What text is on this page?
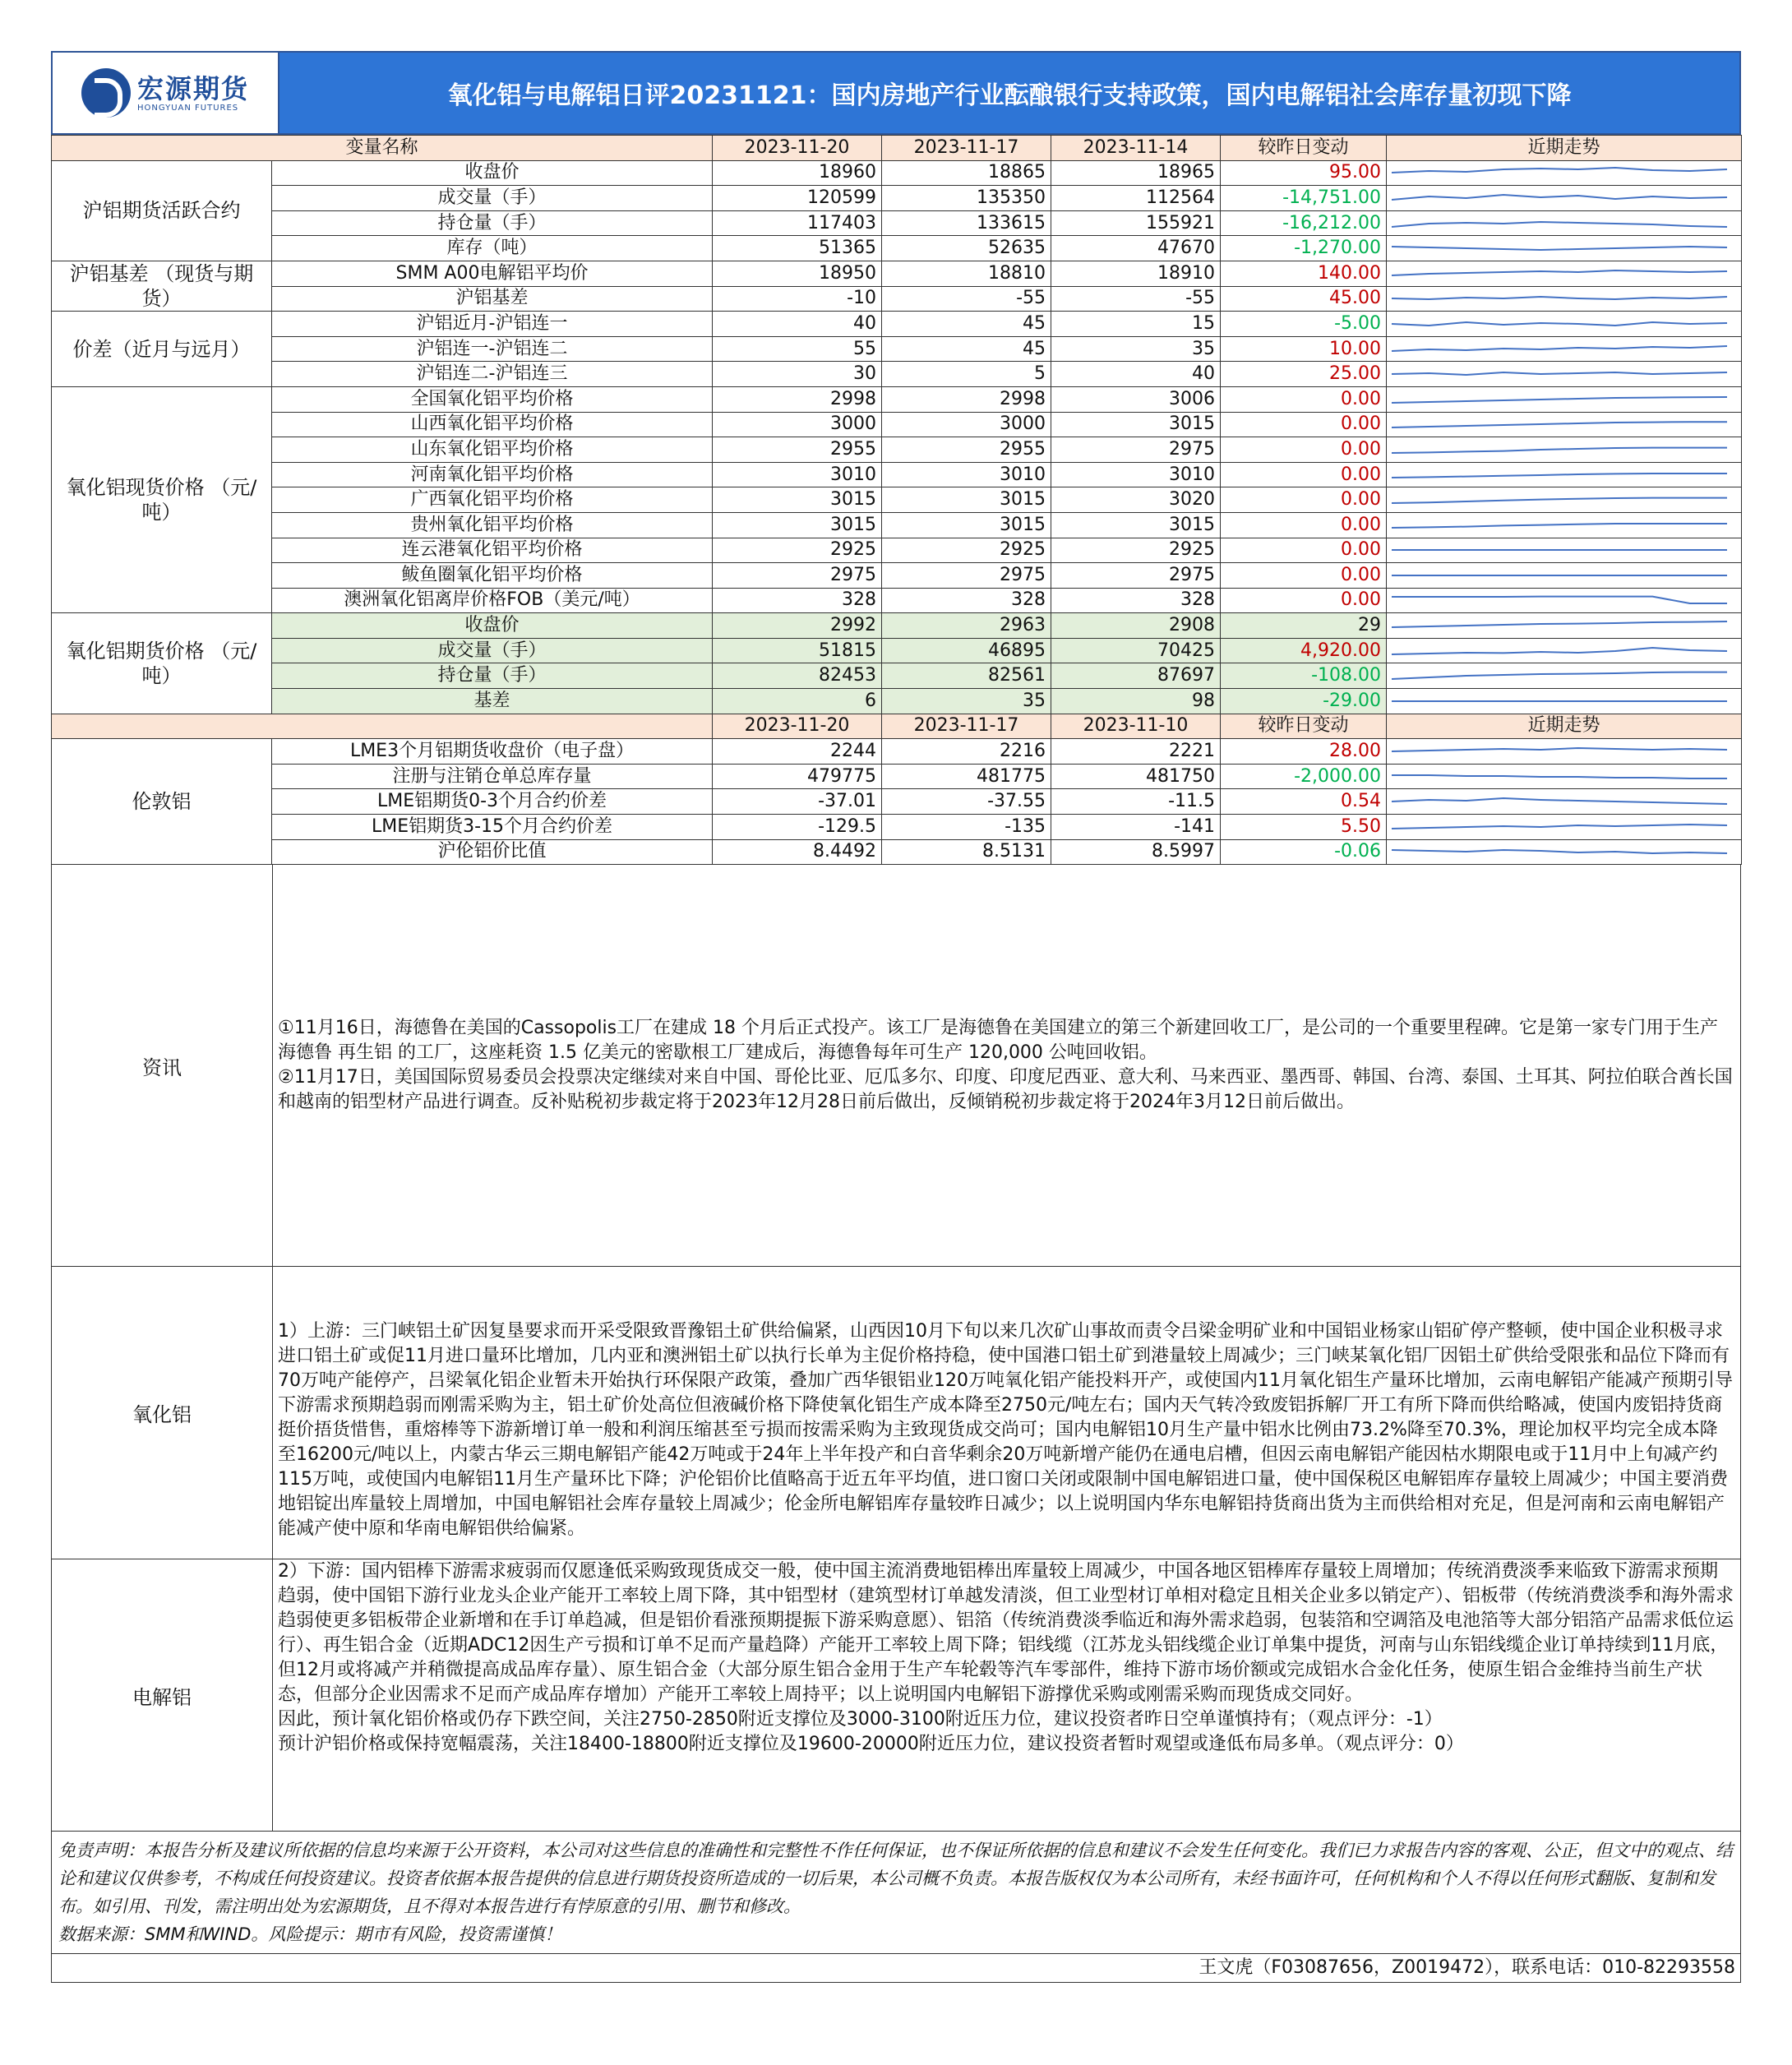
宏源期货
HONGYUAN FUTURES	氧化铝与电解铝日评20231121：国内房地产行业酝酿银行支持政策，国内电解铝社会库存量初现下降
变量名称		2023-11-20	2023-11-17	2023-11-14	较昨日变动	近期走势
沪铝期货活跃合约	收盘价	18960	18865	18965	95.00	

	成交量（手）	120599	135350	112564	-14,751.00	

	持仓量（手）	117403	133615	155921	-16,212.00	

	库存（吨）	51365	52635	47670	-1,270.00	

沪铝基差 （现货与期货）	SMM A00电解铝平均价	18950	18810	18910	140.00	

	沪铝基差	-10	-55	-55	45.00	

价差（近月与远月）	沪铝近月-沪铝连一	40	45	15	-5.00	

	沪铝连一-沪铝连二	55	45	35	10.00	

	沪铝连二-沪铝连三	30	5	40	25.00	

氧化铝现货价格 （元/吨）	全国氧化铝平均价格	2998	2998	3006	0.00	

	山西氧化铝平均价格	3000	3000	3015	0.00	

	山东氧化铝平均价格	2955	2955	2975	0.00	

	河南氧化铝平均价格	3010	3010	3010	0.00	

	广西氧化铝平均价格	3015	3015	3020	0.00	

	贵州氧化铝平均价格	3015	3015	3015	0.00	

	连云港氧化铝平均价格	2925	2925	2925	0.00	

	鲅鱼圈氧化铝平均价格	2975	2975	2975	0.00	

	澳洲氧化铝离岸价格FOB（美元/吨）	328	328	328	0.00	

氧化铝期货价格 （元/吨）	收盘价	2992	2963	2908	29	

	成交量（手）	51815	46895	70425	4,920.00	

	持仓量（手）	82453	82561	87697	-108.00	

	基差	6	35	98	-29.00	

		2023-11-20	2023-11-17	2023-11-10	较昨日变动	近期走势
伦敦铝	LME3个月铝期货收盘价（电子盘）	2244	2216	2221	28.00	

	注册与注销仓单总库存量	479775	481775	481750	-2,000.00	

	LME铝期货0-3个月合约价差	-37.01	-37.55	-11.5	0.54	

	LME铝期货3-15个月合约价差	-129.5	-135	-141	5.50	

	沪伦铝价比值	8.4492	8.5131	8.5997	-0.06	
资讯
①11月16日，海德鲁在美国的Cassopolis工厂在建成 18 个月后正式投产。该工厂是海德鲁在美国建立的第三个新建回收工厂，是公司的一个重要里程碑。它是第一家专门用于生产海德鲁 再生铝 的工厂，这座耗资 1.5 亿美元的密歇根工厂建成后，海德鲁每年可生产 120,000 公吨回收铝。
②11月17日，美国国际贸易委员会投票决定继续对来自中国、哥伦比亚、厄瓜多尔、印度、印度尼西亚、意大利、马来西亚、墨西哥、韩国、台湾、泰国、土耳其、阿拉伯联合酋长国和越南的铝型材产品进行调查。反补贴税初步裁定将于2023年12月28日前后做出，反倾销税初步裁定将于2024年3月12日前后做出。
氧化铝
1）上游：三门峡铝土矿因复垦要求而开采受限致晋豫铝土矿供给偏紧，山西因10月下旬以来几次矿山事故而责令吕梁金明矿业和中国铝业杨家山铝矿停产整顿，使中国企业积极寻求进口铝土矿或促11月进口量环比增加，几内亚和澳洲铝土矿以执行长单为主促价格持稳，使中国港口铝土矿到港量较上周减少；三门峡某氧化铝厂因铝土矿供给受限张和品位下降而有70万吨产能停产，吕梁氧化铝企业暂未开始执行环保限产政策，叠加广西华银铝业120万吨氧化铝产能投料开产，或使国内11月氧化铝生产量环比增加，云南电解铝产能减产预期引导下游需求预期趋弱而刚需采购为主，铝土矿价处高位但液碱价格下降使氧化铝生产成本降至2750元/吨左右；国内天气转冷致废铝拆解厂开工有所下降而供给略减，使国内废铝持货商挺价捂货惜售，重熔棒等下游新增订单一般和利润压缩甚至亏损而按需采购为主致现货成交尚可；国内电解铝10月生产量中铝水比例由73.2%降至70.3%，理论加权平均完全成本降至16200元/吨以上，内蒙古华云三期电解铝产能42万吨或于24年上半年投产和白音华剩余20万吨新增产能仍在通电启槽，但因云南电解铝产能因枯水期限电或于11月中上旬减产约115万吨，或使国内电解铝11月生产量环比下降；沪伦铝价比值略高于近五年平均值，进口窗口关闭或限制中国电解铝进口量，使中国保税区电解铝库存量较上周减少；中国主要消费地铝锭出库量较上周增加，中国电解铝社会库存量较上周减少；伦金所电解铝库存量较昨日减少；以上说明国内华东电解铝持货商出货为主而供给相对充足，但是河南和云南电解铝产能减产使中原和华南电解铝供给偏紧。
电解铝
2）下游：国内铝棒下游需求疲弱而仅愿逢低采购致现货成交一般，使中国主流消费地铝棒出库量较上周减少，中国各地区铝棒库存量较上周增加；传统消费淡季来临致下游需求预期趋弱，使中国铝下游行业龙头企业产能开工率较上周下降，其中铝型材（建筑型材订单越发清淡，但工业型材订单相对稳定且相关企业多以销定产）、铝板带（传统消费淡季和海外需求趋弱使更多铝板带企业新增和在手订单趋减，但是铝价看涨预期提振下游采购意愿）、铝箔（传统消费淡季临近和海外需求趋弱，包装箔和空调箔及电池箔等大部分铝箔产品需求低位运行）、再生铝合金（近期ADC12因生产亏损和订单不足而产量趋降）产能开工率较上周下降；铝线缆（江苏龙头铝线缆企业订单集中提货，河南与山东铝线缆企业订单持续到11月底，但12月或将减产并稍微提高成品库存量）、原生铝合金（大部分原生铝合金用于生产车轮毂等汽车零部件，维持下游市场价额或完成铝水合金化任务，使原生铝合金维持当前生产状态，但部分企业因需求不足而产成品库存增加）产能开工率较上周持平；以上说明国内电解铝下游撑优采购或刚需采购而现货成交同好。
因此，预计氧化铝价格或仍存下跌空间，关注2750-2850附近支撑位及3000-3100附近压力位，建议投资者昨日空单谨慎持有；（观点评分：-1）
预计沪铝价格或保持宽幅震荡，关注18400-18800附近支撑位及19600-20000附近压力位，建议投资者暂时观望或逢低布局多单。（观点评分：0）
免责声明：本报告分析及建议所依据的信息均来源于公开资料，本公司对这些信息的准确性和完整性不作任何保证，也不保证所依据的信息和建议不会发生任何变化。我们已力求报告内容的客观、公正，但文中的观点、结论和建议仅供参考，不构成任何投资建议。投资者依据本报告提供的信息进行期货投资所造成的一切后果，本公司概不负责。本报告版权仅为本公司所有，未经书面许可，任何机构和个人不得以任何形式翻版、复制和发布。如引用、刊发，需注明出处为宏源期货，且不得对本报告进行有悖原意的引用、删节和修改。
数据来源：SMM和WIND。风险提示：期市有风险，投资需谨慎！
王文虎（F03087656，Z0019472），联系电话：010-82293558
